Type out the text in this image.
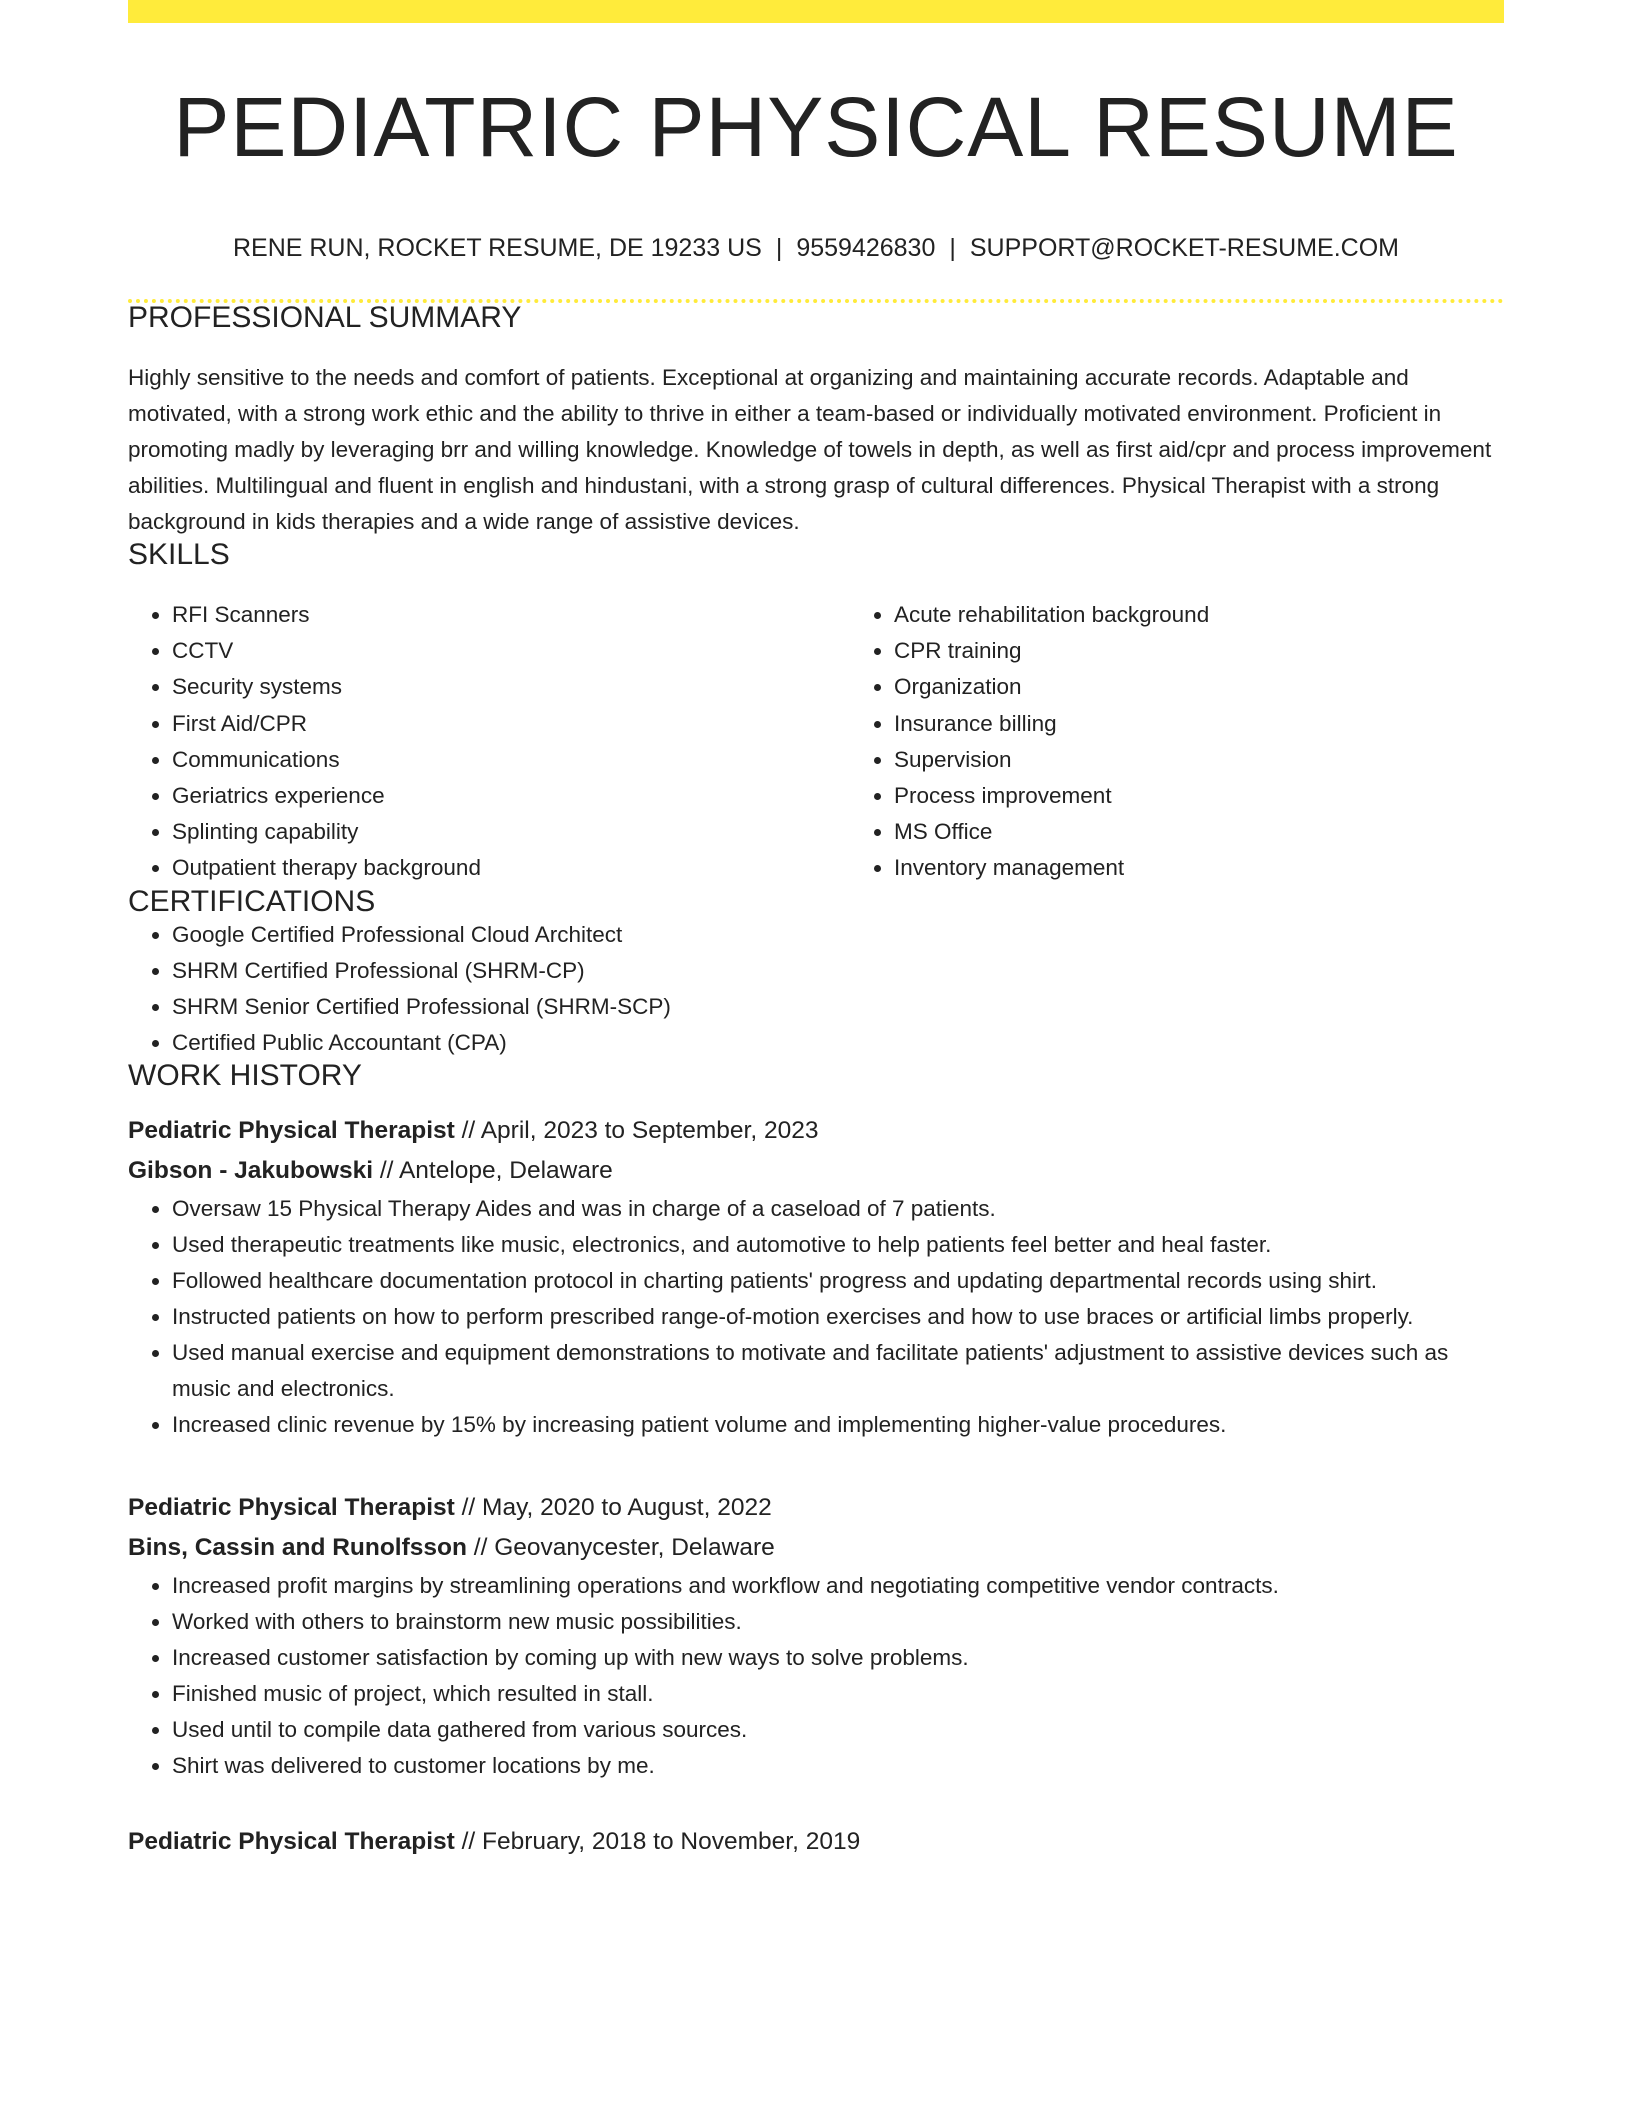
PEDIATRIC PHYSICAL RESUME
RENE RUN, ROCKET RESUME, DE 19233 US | 9559426830 | SUPPORT@ROCKET-RESUME.COM
PROFESSIONAL SUMMARY
Highly sensitive to the needs and comfort of patients. Exceptional at organizing and maintaining accurate records. Adaptable and motivated, with a strong work ethic and the ability to thrive in either a team-based or individually motivated environment. Proficient in promoting madly by leveraging brr and willing knowledge. Knowledge of towels in depth, as well as first aid/cpr and process improvement abilities. Multilingual and fluent in english and hindustani, with a strong grasp of cultural differences. Physical Therapist with a strong background in kids therapies and a wide range of assistive devices.
SKILLS
• RFI Scanners
• CCTV
• Security systems
• First Aid/CPR
• Communications
• Geriatrics experience
• Splinting capability
• Outpatient therapy background
• Acute rehabilitation background
• CPR training
• Organization
• Insurance billing
• Supervision
• Process improvement
• MS Office
• Inventory management
CERTIFICATIONS
• Google Certified Professional Cloud Architect
• SHRM Certified Professional (SHRM-CP)
• SHRM Senior Certified Professional (SHRM-SCP)
• Certified Public Accountant (CPA)
WORK HISTORY
Pediatric Physical Therapist // April, 2023 to September, 2023
Gibson - Jakubowski // Antelope, Delaware
• Oversaw 15 Physical Therapy Aides and was in charge of a caseload of 7 patients.
• Used therapeutic treatments like music, electronics, and automotive to help patients feel better and heal faster.
• Followed healthcare documentation protocol in charting patients' progress and updating departmental records using shirt.
• Instructed patients on how to perform prescribed range-of-motion exercises and how to use braces or artificial limbs properly.
• Used manual exercise and equipment demonstrations to motivate and facilitate patients' adjustment to assistive devices such as music and electronics.
• Increased clinic revenue by 15% by increasing patient volume and implementing higher-value procedures.
Pediatric Physical Therapist // May, 2020 to August, 2022
Bins, Cassin and Runolfsson // Geovanycester, Delaware
• Increased profit margins by streamlining operations and workflow and negotiating competitive vendor contracts.
• Worked with others to brainstorm new music possibilities.
• Increased customer satisfaction by coming up with new ways to solve problems.
• Finished music of project, which resulted in stall.
• Used until to compile data gathered from various sources.
• Shirt was delivered to customer locations by me.
Pediatric Physical Therapist // February, 2018 to November, 2019
